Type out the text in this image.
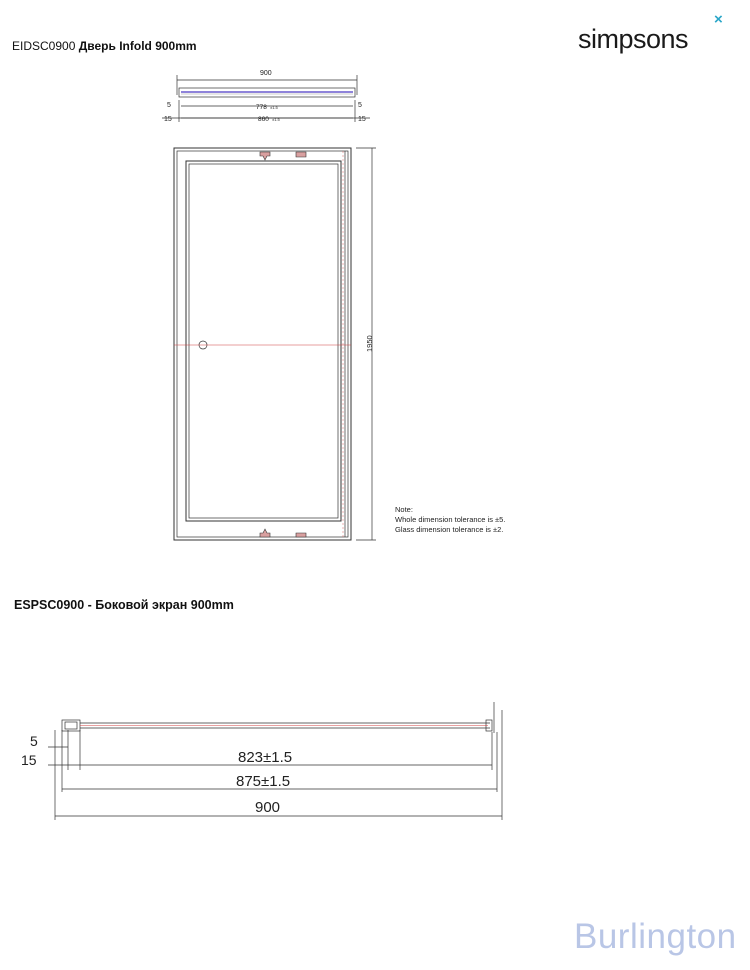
EIDSC0900 Дверь Infold 900mm	simpsons
×
900
778 ±1.5
860 ±1.5
5	5
15	15
1950
Note:
Whole dimension tolerance is ±5.
Glass dimension tolerance is ±2.
ESPSC0900 - Боковой экран 900mm
5
15	823±1.5
875±1.5
900
Burlington
